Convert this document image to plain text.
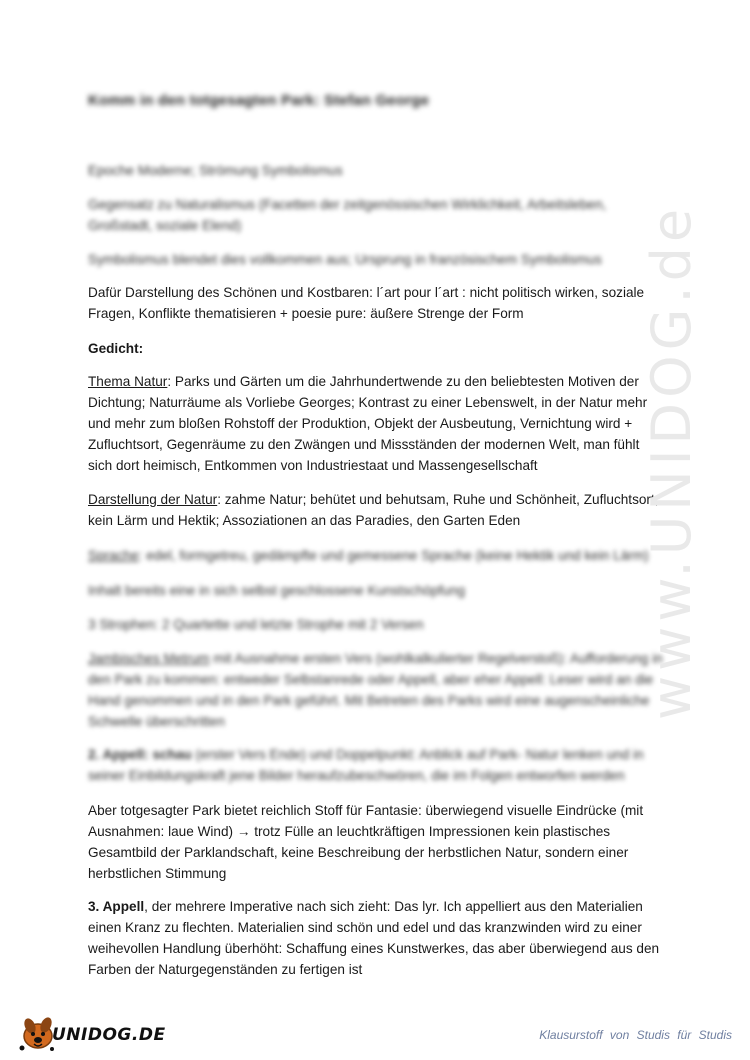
Komm in den totgesagten Park: Stefan George

Epoche Moderne; Strömung Symbolismus

Gegensatz zu Naturalismus (Facetten der zeitgenössischen Wirklichkeit, Arbeitsleben, Großstadt, soziale Elend)

Symbolismus blendet dies vollkommen aus; Ursprung in französischem Symbolismus

Dafür Darstellung des Schönen und Kostbaren: l´art pour l´art : nicht politisch wirken, soziale Fragen, Konflikte thematisieren + poesie pure: äußere Strenge der Form

Gedicht:

Thema Natur: Parks und Gärten um die Jahrhundertwende zu den beliebtesten Motiven der Dichtung; Naturräume als Vorliebe Georges; Kontrast zu einer Lebenswelt, in der Natur mehr und mehr zum bloßen Rohstoff der Produktion, Objekt der Ausbeutung, Vernichtung wird + Zufluchtsort, Gegenräume zu den Zwängen und Missständen der modernen Welt, man fühlt sich dort heimisch, Entkommen von Industriestaat und Massengesellschaft

Darstellung der Natur: zahme Natur; behütet und behutsam, Ruhe und Schönheit, Zufluchtsort, kein Lärm und Hektik; Assoziationen an das Paradies, den Garten Eden

Sprache: edel, formgetreu, gedämpfte und gemessene Sprache (keine Hektik und kein Lärm)

Inhalt bereits eine in sich selbst geschlossene Kunstschöpfung

3 Strophen: 2 Quartette und letzte Strophe mit 2 Versen

Jambisches Metrum mit Ausnahme ersten Vers (wohlkalkulierter Regelverstoß): Aufforderung in den Park zu kommen: entweder Selbstanrede oder Appell, aber eher Appell: Leser wird an die Hand genommen und in den Park geführt. Mit Betreten des Parks wird eine augenscheinliche Schwelle überschritten

2. Appell: schau (erster Vers Ende) und Doppelpunkt: Anblick auf Park- Natur lenken und in seiner Einbildungskraft jene Bilder heraufzubeschwören, die im Folgen entworfen werden

Aber totgesagter Park bietet reichlich Stoff für Fantasie: überwiegend visuelle Eindrücke (mit Ausnahmen: laue Wind) → trotz Fülle an leuchtkräftigen Impressionen kein plastisches Gesamtbild der Parklandschaft, keine Beschreibung der herbstlichen Natur, sondern einer herbstlichen Stimmung

3. Appell, der mehrere Imperative nach sich zieht: Das lyr. Ich appelliert aus den Materialien einen Kranz zu flechten. Materialien sind schön und edel und das kranzwinden wird zu einer weihevollen Handlung überhöht: Schaffung eines Kunstwerkes, das aber überwiegend aus den Farben der Naturgegenständen zu fertigen ist

www.UNIDOG.de
UNIDOG.DE	Klausurstoff von Studis für Studis
